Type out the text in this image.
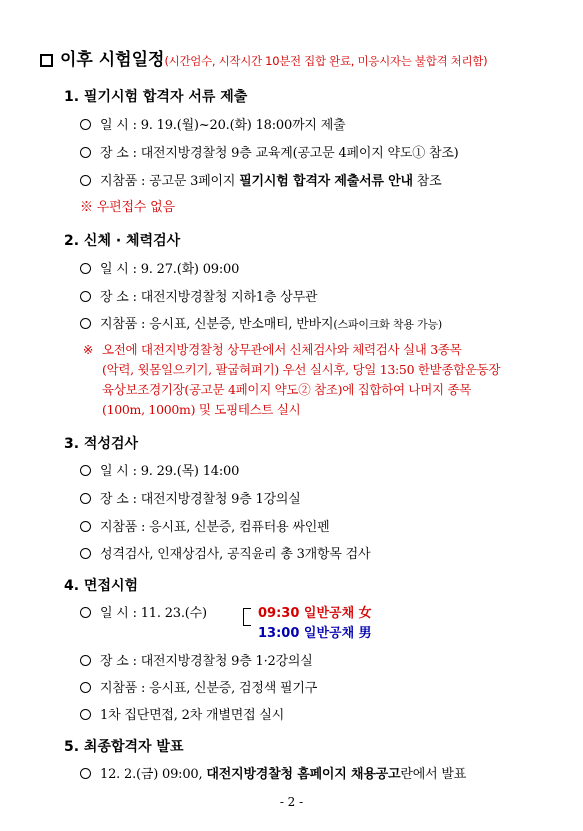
이후 시험일정(시간엄수, 시작시간 10분전 집합 완료, 미응시자는 불합격 처리함)
1. 필기시험 합격자 서류 제출
일 시 : 9. 19.(월)~20.(화) 18:00까지 제출
장 소 : 대전지방경찰청 9층 교육계(공고문 4페이지 약도① 참조)
지참품 : 공고문 3페이지 필기시험 합격자 제출서류 안내 참조
※ 우편접수 없음
2. 신체 · 체력검사
일 시 : 9. 27.(화) 09:00
장 소 : 대전지방경찰청 지하1층 상무관
지참품 : 응시표, 신분증, 반소매티, 반바지(스파이크화 착용 가능)
※ 오전에 대전지방경찰청 상무관에서 신체검사와 체력검사 실내 3종목
(악력, 윗몸일으키기, 팔굽혀펴기) 우선 실시후, 당일 13:50 한밭종합운동장
육상보조경기장(공고문 4페이지 약도② 참조)에 집합하여 나머지 종목
(100m, 1000m) 및 도핑테스트 실시
3. 적성검사
일 시 : 9. 29.(목) 14:00
장 소 : 대전지방경찰청 9층 1강의실
지참품 : 응시표, 신분증, 컴퓨터용 싸인펜
성격검사, 인재상검사, 공직윤리 총 3개항목 검사
4. 면접시험
일 시 : 11. 23.(수)	09:30 일반공채 女
13:00 일반공채 男
장 소 : 대전지방경찰청 9층 1·2강의실
지참품 : 응시표, 신분증, 검정색 필기구
1차 집단면접, 2차 개별면접 실시
5. 최종합격자 발표
12. 2.(금) 09:00, 대전지방경찰청 홈페이지 채용공고란에서 발표
- 2 -
